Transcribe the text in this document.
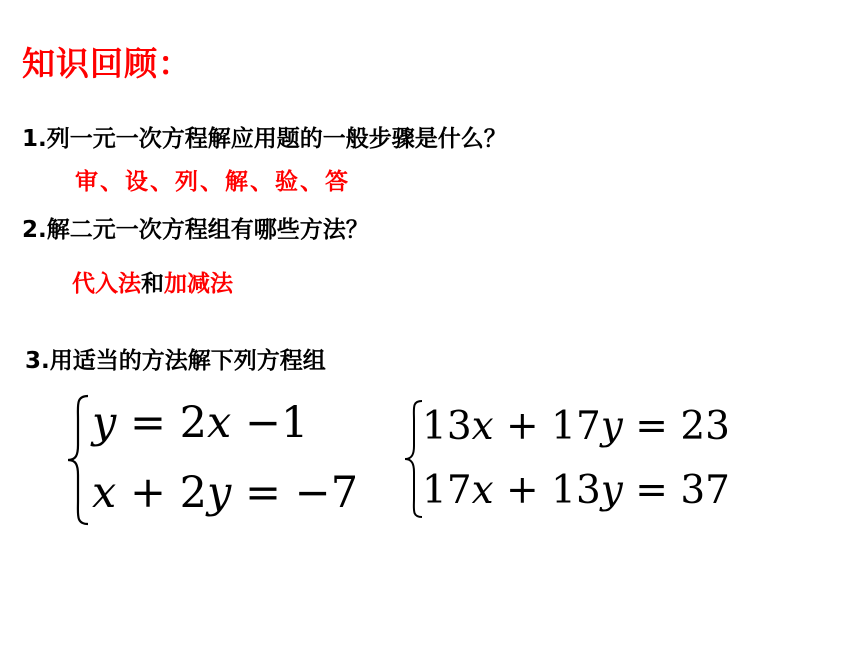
知识回顾：
1.列一元一次方程解应用题的一般步骤是什么？
审、设、列、解、验、答
2.解二元一次方程组有哪些方法？
代入法和加减法
3.用适当的方法解下列方程组
y = 2x −1
x + 2y = −7
13x + 17y = 23
17x + 13y = 37
